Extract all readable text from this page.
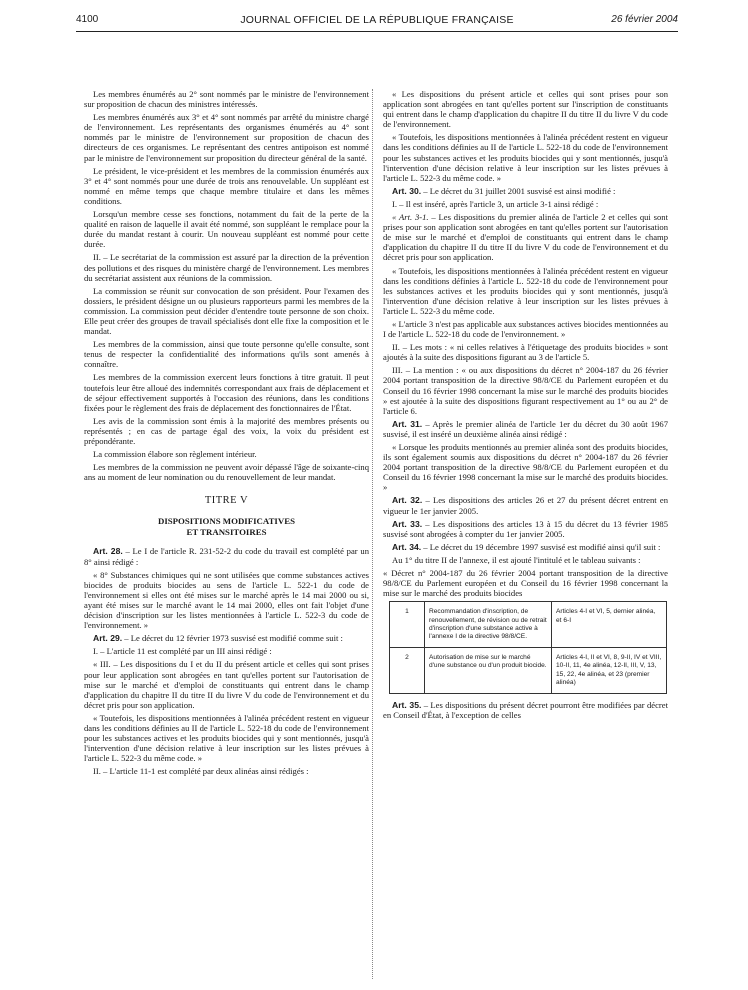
4100	JOURNAL OFFICIEL DE LA RÉPUBLIQUE FRANÇAISE	26 février 2004

Les membres énumérés au 2° sont nommés par le ministre de l'environnement sur proposition de chacun des ministres intéressés.

Les membres énumérés aux 3° et 4° sont nommés par arrêté du ministre chargé de l'environnement. Les représentants des organismes énumérés au 4° sont nommés par le ministre de l'environnement sur proposition de chacun des directeurs de ces organismes. Le représentant des centres antipoison est nommé par le ministre de l'environnement sur proposition du directeur général de la santé.

Le président, le vice-président et les membres de la commission énumérés aux 3° et 4° sont nommés pour une durée de trois ans renouvelable. Un suppléant est nommé en même temps que chaque membre titulaire et dans les mêmes conditions.

Lorsqu'un membre cesse ses fonctions, notamment du fait de la perte de la qualité en raison de laquelle il avait été nommé, son suppléant le remplace pour la durée du mandat restant à courir. Un nouveau suppléant est nommé pour cette durée.

II. – Le secrétariat de la commission est assuré par la direction de la prévention des pollutions et des risques du ministère chargé de l'environnement. Les membres du secrétariat assistent aux réunions de la commission.

La commission se réunit sur convocation de son président. Pour l'examen des dossiers, le président désigne un ou plusieurs rapporteurs parmi les membres de la commission. La commission peut décider d'entendre toute personne de son choix. Elle peut créer des groupes de travail spécialisés dont elle fixe la composition et le mandat.

Les membres de la commission, ainsi que toute personne qu'elle consulte, sont tenus de respecter la confidentialité des informations qu'ils sont amenés à connaître.

Les membres de la commission exercent leurs fonctions à titre gratuit. Il peut toutefois leur être alloué des indemnités correspondant aux frais de déplacement et de séjour effectivement supportés à l'occasion des réunions, dans les conditions fixées pour le règlement des frais de déplacement des fonctionnaires de l'État.

Les avis de la commission sont émis à la majorité des membres présents ou représentés ; en cas de partage égal des voix, la voix du président est prépondérante.

La commission élabore son règlement intérieur.

Les membres de la commission ne peuvent avoir dépassé l'âge de soixante-cinq ans au moment de leur nomination ou du renouvellement de leur mandat.

TITRE V
DISPOSITIONS MODIFICATIVES
ET TRANSITOIRES

Art. 28. – Le I de l'article R. 231-52-2 du code du travail est complété par un 8° ainsi rédigé :

« 8° Substances chimiques qui ne sont utilisées que comme substances actives biocides de produits biocides au sens de l'article L. 522-1 du code de l'environnement si elles ont été mises sur le marché après le 14 mai 2000 ou si, ayant été mises sur le marché avant le 14 mai 2000, elles ont fait l'objet d'une décision d'inscription sur les listes mentionnées à l'article L. 522-3 du code de l'environnement. »

Art. 29. – Le décret du 12 février 1973 susvisé est modifié comme suit :

I. – L'article 11 est complété par un III ainsi rédigé :

« III. – Les dispositions du I et du II du présent article et celles qui sont prises pour leur application sont abrogées en tant qu'elles portent sur l'autorisation de mise sur le marché et d'emploi de constituants qui entrent dans le champ d'application du chapitre II du titre II du livre V du code de l'environnement et du décret pris pour son application.

« Toutefois, les dispositions mentionnées à l'alinéa précédent restent en vigueur dans les conditions définies au II de l'article L. 522-18 du code de l'environnement pour les substances actives et les produits biocides qui y sont mentionnés, jusqu'à l'intervention d'une décision relative à leur inscription sur les listes prévues à l'article L. 522-3 du même code. »

II. – L'article 11-1 est complété par deux alinéas ainsi rédigés :

« Les dispositions du présent article et celles qui sont prises pour son application sont abrogées en tant qu'elles portent sur l'inscription de constituants qui entrent dans le champ d'application du chapitre II du titre II du livre V du code de l'environnement.

« Toutefois, les dispositions mentionnées à l'alinéa précédent restent en vigueur dans les conditions définies au II de l'article L. 522-18 du code de l'environnement pour les substances actives et les produits biocides qui y sont mentionnés, jusqu'à l'intervention d'une décision relative à leur inscription sur les listes prévues à l'article L. 522-3 du même code. »

Art. 30. – Le décret du 31 juillet 2001 susvisé est ainsi modifié :

I. – Il est inséré, après l'article 3, un article 3-1 ainsi rédigé :

« Art. 3-1. – Les dispositions du premier alinéa de l'article 2 et celles qui sont prises pour son application sont abrogées en tant qu'elles portent sur l'autorisation de mise sur le marché et d'emploi de constituants qui entrent dans le champ d'application du chapitre II du titre II du livre V du code de l'environnement et du décret pris pour son application.

« Toutefois, les dispositions mentionnées à l'alinéa précédent restent en vigueur dans les conditions définies à l'article L. 522-18 du code de l'environnement pour les substances actives et les produits biocides qui y sont mentionnés, jusqu'à l'intervention d'une décision relative à leur inscription sur les listes prévues à l'article L. 522-3 du même code.

« L'article 3 n'est pas applicable aux substances actives biocides mentionnées au I de l'article L. 522-18 du code de l'environnement. »

II. – Les mots : « ni celles relatives à l'étiquetage des produits biocides » sont ajoutés à la suite des dispositions figurant au 3 de l'article 5.

III. – La mention : « ou aux dispositions du décret n° 2004-187 du 26 février 2004 portant transposition de la directive 98/8/CE du Parlement européen et du Conseil du 16 février 1998 concernant la mise sur le marché des produits biocides » est ajoutée à la suite des dispositions figurant respectivement au 1° ou au 2° de l'article 6.

Art. 31. – Après le premier alinéa de l'article 1er du décret du 30 août 1967 susvisé, il est inséré un deuxième alinéa ainsi rédigé :

« Lorsque les produits mentionnés au premier alinéa sont des produits biocides, ils sont également soumis aux dispositions du décret n° 2004-187 du 26 février 2004 portant transposition de la directive 98/8/CE du Parlement européen et du Conseil du 16 février 1998 concernant la mise sur le marché des produits biocides. »

Art. 32. – Les dispositions des articles 26 et 27 du présent décret entrent en vigueur le 1er janvier 2005.

Art. 33. – Les dispositions des articles 13 à 15 du décret du 13 février 1985 susvisé sont abrogées à compter du 1er janvier 2005.

Art. 34. – Le décret du 19 décembre 1997 susvisé est modifié ainsi qu'il suit :

Au 1° du titre II de l'annexe, il est ajouté l'intitulé et le tableau suivants :

« Décret n° 2004-187 du 26 février 2004 portant transposition de la directive 98/8/CE du Parlement européen et du Conseil du 16 février 1998 concernant la mise sur le marché des produits biocides

1	Recommandation d'inscription, de renouvellement, de révision ou de retrait d'inscription d'une substance active à l'annexe I de la directive 98/8/CE.	Articles 4-I et VI, 5, dernier alinéa, et 6-I
2	Autorisation de mise sur le marché d'une substance ou d'un produit biocide.	Articles 4-I, II et VI, 8, 9-II, IV et VIII, 10-II, 11, 4e alinéa, 12-II, III, V, 13, 15, 22, 4e alinéa, et 23 (premier alinéa)

Art. 35. – Les dispositions du présent décret pourront être modifiées par décret en Conseil d'État, à l'exception de celles
